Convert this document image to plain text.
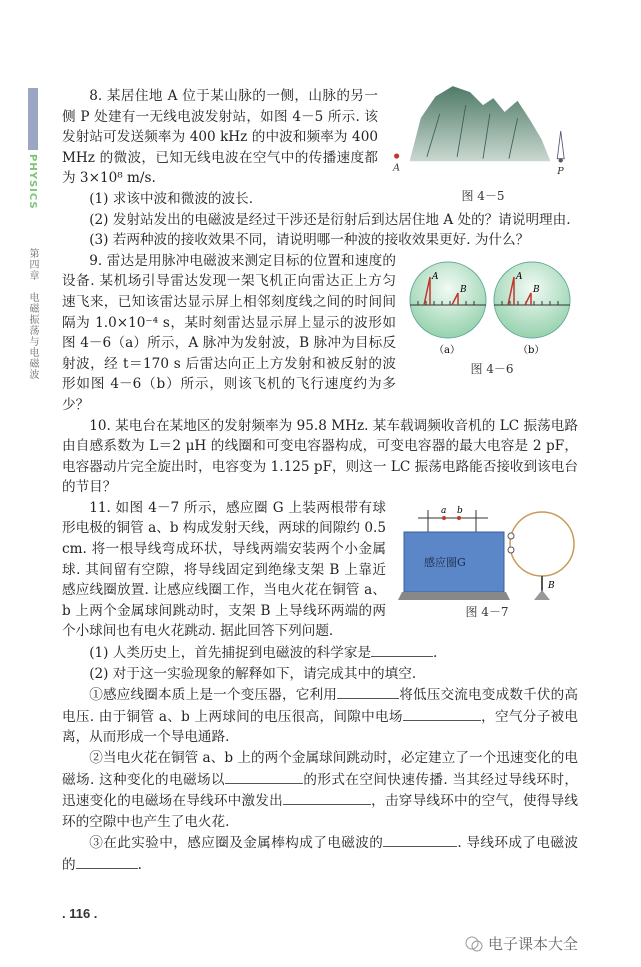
PHYSICS
第四章　电磁振荡与电磁波
A	P
图 4－5

8. 某居住地 A 位于某山脉的一侧，山脉的另一侧 P 处建有一无线电波发射站，如图 4－5 所示. 该发射站可发送频率为 400 kHz 的中波和频率为 400 MHz 的微波，已知无线电波在空气中的传播速度都为 3×10⁸ m/s.

(1) 求该中波和微波的波长.

(2) 发射站发出的电磁波是经过干涉还是衍射后到达居住地 A 处的？请说明理由.

(3) 若两种波的接收效果不同，请说明哪一种波的接收效果更好. 为什么？

A
B
A
B
（a）	（b）
图 4－6

9. 雷达是用脉冲电磁波来测定目标的位置和速度的设备. 某机场引导雷达发现一架飞机正向雷达正上方匀速飞来，已知该雷达显示屏上相邻刻度线之间的时间间隔为 1.0×10⁻⁴ s，某时刻雷达显示屏上显示的波形如图 4－6（a）所示，A 脉冲为发射波，B 脉冲为目标反射波，经 t＝170 s 后雷达向正上方发射和被反射的波形如图 4－6（b）所示，则该飞机的飞行速度约为多少？

10. 某电台在某地区的发射频率为 95.8 MHz. 某车载调频收音机的 LC 振荡电路由自感系数为 L＝2 μH 的线圈和可变电容器构成，可变电容器的最大电容是 2 pF，电容器动片完全旋出时，电容变为 1.125 pF，则这一 LC 振荡电路能否接收到该电台的节目？

a b
感应圈G
B
图 4－7

11. 如图 4－7 所示，感应圈 G 上装两根带有球形电极的铜管 a、b 构成发射天线，两球的间隙约 0.5 cm. 将一根导线弯成环状，导线两端安装两个小金属球. 其间留有空隙，将导线固定到绝缘支架 B 上靠近感应线圈放置. 让感应线圈工作，当电火花在铜管 a、b 上两个金属球间跳动时，支架 B 上导线环两端的两个小球间也有电火花跳动. 据此回答下列问题.

(1) 人类历史上，首先捕捉到电磁波的科学家是	.

(2) 对于这一实验现象的解释如下，请完成其中的填空.

①感应线圈本质上是一个变压器，它利用	将低压交流电变成数千伏的高电压. 由于铜管 a、b 上两球间的电压很高，间隙中电场	，空气分子被电离，从而形成一个导电通路.

②当电火花在铜管 a、b 上的两个金属球间跳动时，必定建立了一个迅速变化的电磁场. 这种变化的电磁场以	的形式在空间快速传播. 当其经过导线环时，迅速变化的电磁场在导线环中激发出	，击穿导线环中的空气，使得导线环的空隙中也产生了电火花.

③在此实验中，感应圈及金属棒构成了电磁波的	. 导线环成了电磁波的	.

. 116 .
电子课本大全
